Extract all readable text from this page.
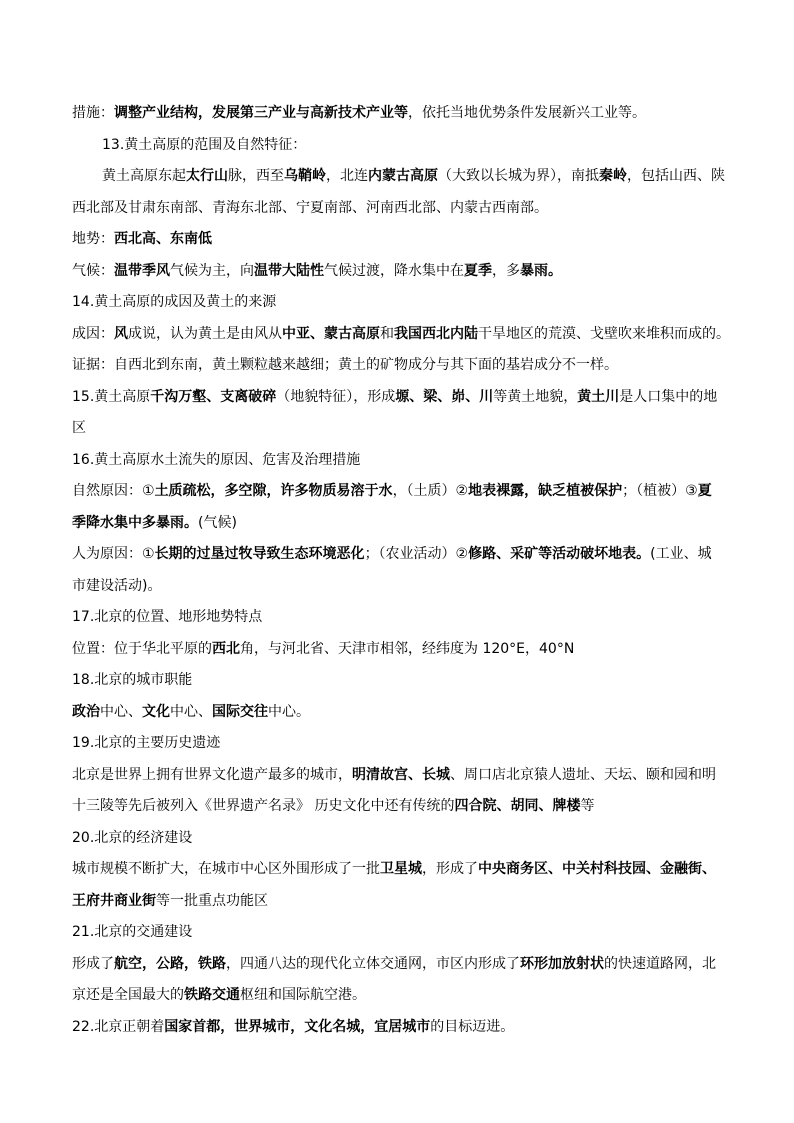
措施：调整产业结构，发展第三产业与高新技术产业等，依托当地优势条件发展新兴工业等。
13.黄土高原的范围及自然特征：
黄土高原东起太行山脉，西至乌鞘岭，北连内蒙古高原（大致以长城为界），南抵秦岭，包括山西、陕
西北部及甘肃东南部、青海东北部、宁夏南部、河南西北部、内蒙古西南部。
地势：西北高、东南低
气候：温带季风气候为主，向温带大陆性气候过渡，降水集中在夏季，多暴雨。
14.黄土高原的成因及黄土的来源
成因：风成说，认为黄土是由风从中亚、蒙古高原和我国西北内陆干旱地区的荒漠、戈壁吹来堆积而成的。
证据：自西北到东南，黄土颗粒越来越细；黄土的矿物成分与其下面的基岩成分不一样。
15.黄土高原千沟万壑、支离破碎（地貌特征），形成塬、梁、峁、川等黄土地貌，黄土川是人口集中的地
区
16.黄土高原水土流失的原因、危害及治理措施
自然原因：①土质疏松，多空隙，许多物质易溶于水，（土质）②地表裸露，缺乏植被保护；（植被）③夏
季降水集中多暴雨。(气候)
人为原因：①长期的过垦过牧导致生态环境恶化；（农业活动）②修路、采矿等活动破坏地表。(工业、城
市建设活动)。
17.北京的位置、地形地势特点
位置：位于华北平原的西北角，与河北省、天津市相邻，经纬度为 120°E，40°N
18.北京的城市职能
政治中心、文化中心、国际交往中心。
19.北京的主要历史遗迹
北京是世界上拥有世界文化遗产最多的城市，明清故宫、长城、周口店北京猿人遗址、天坛、颐和园和明
十三陵等先后被列入《世界遗产名录》 历史文化中还有传统的四合院、胡同、牌楼等
20.北京的经济建设
城市规模不断扩大，在城市中心区外围形成了一批卫星城，形成了中央商务区、中关村科技园、金融街、
王府井商业街等一批重点功能区
21.北京的交通建设
形成了航空，公路，铁路，四通八达的现代化立体交通网，市区内形成了环形加放射状的快速道路网，北
京还是全国最大的铁路交通枢纽和国际航空港。
22.北京正朝着国家首都，世界城市，文化名城，宜居城市的目标迈进。
